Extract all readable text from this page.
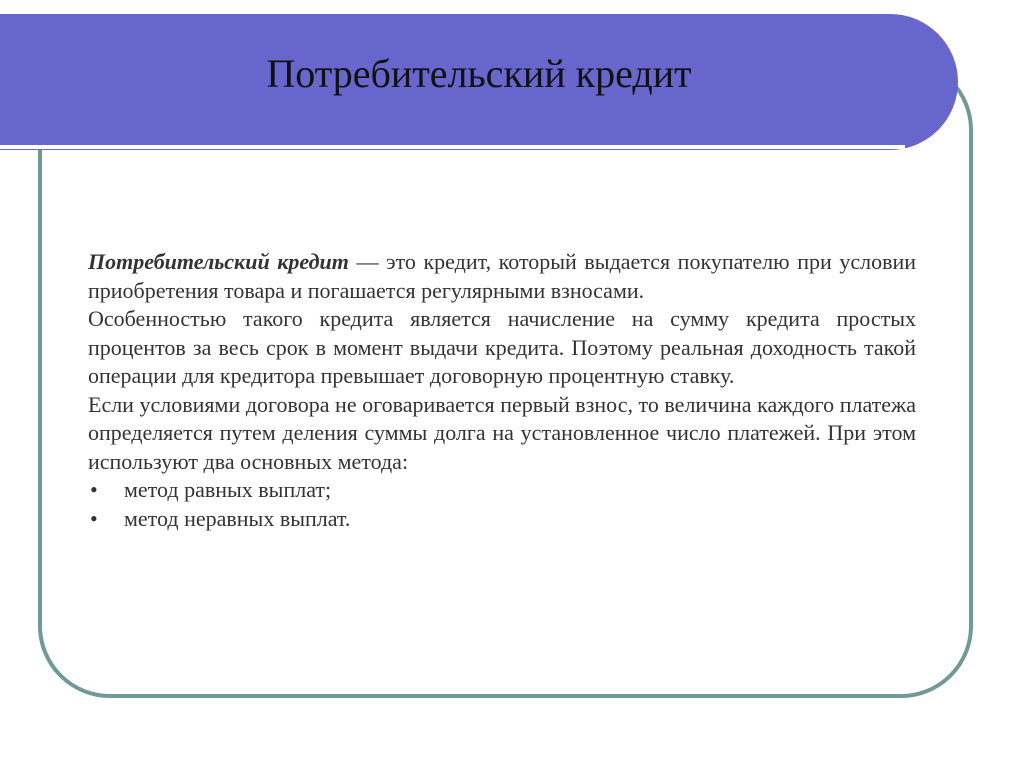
Потребительский кредит

Потребительский кредит — это кредит, который выдается покупателю при условии приобретения товара и погашается регулярными взносами.

Особенностью такого кредита является начисление на сумму кредита простых процентов за весь срок в момент выдачи кредита. Поэтому реальная доходность такой операции для кредитора превышает договорную процентную ставку.

Если условиями договора не оговаривается первый взнос, то величина каждого платежа определяется путем деления суммы долга на установленное число платежей. При этом используют два основных метода:

• метод равных выплат;
• метод неравных выплат.
